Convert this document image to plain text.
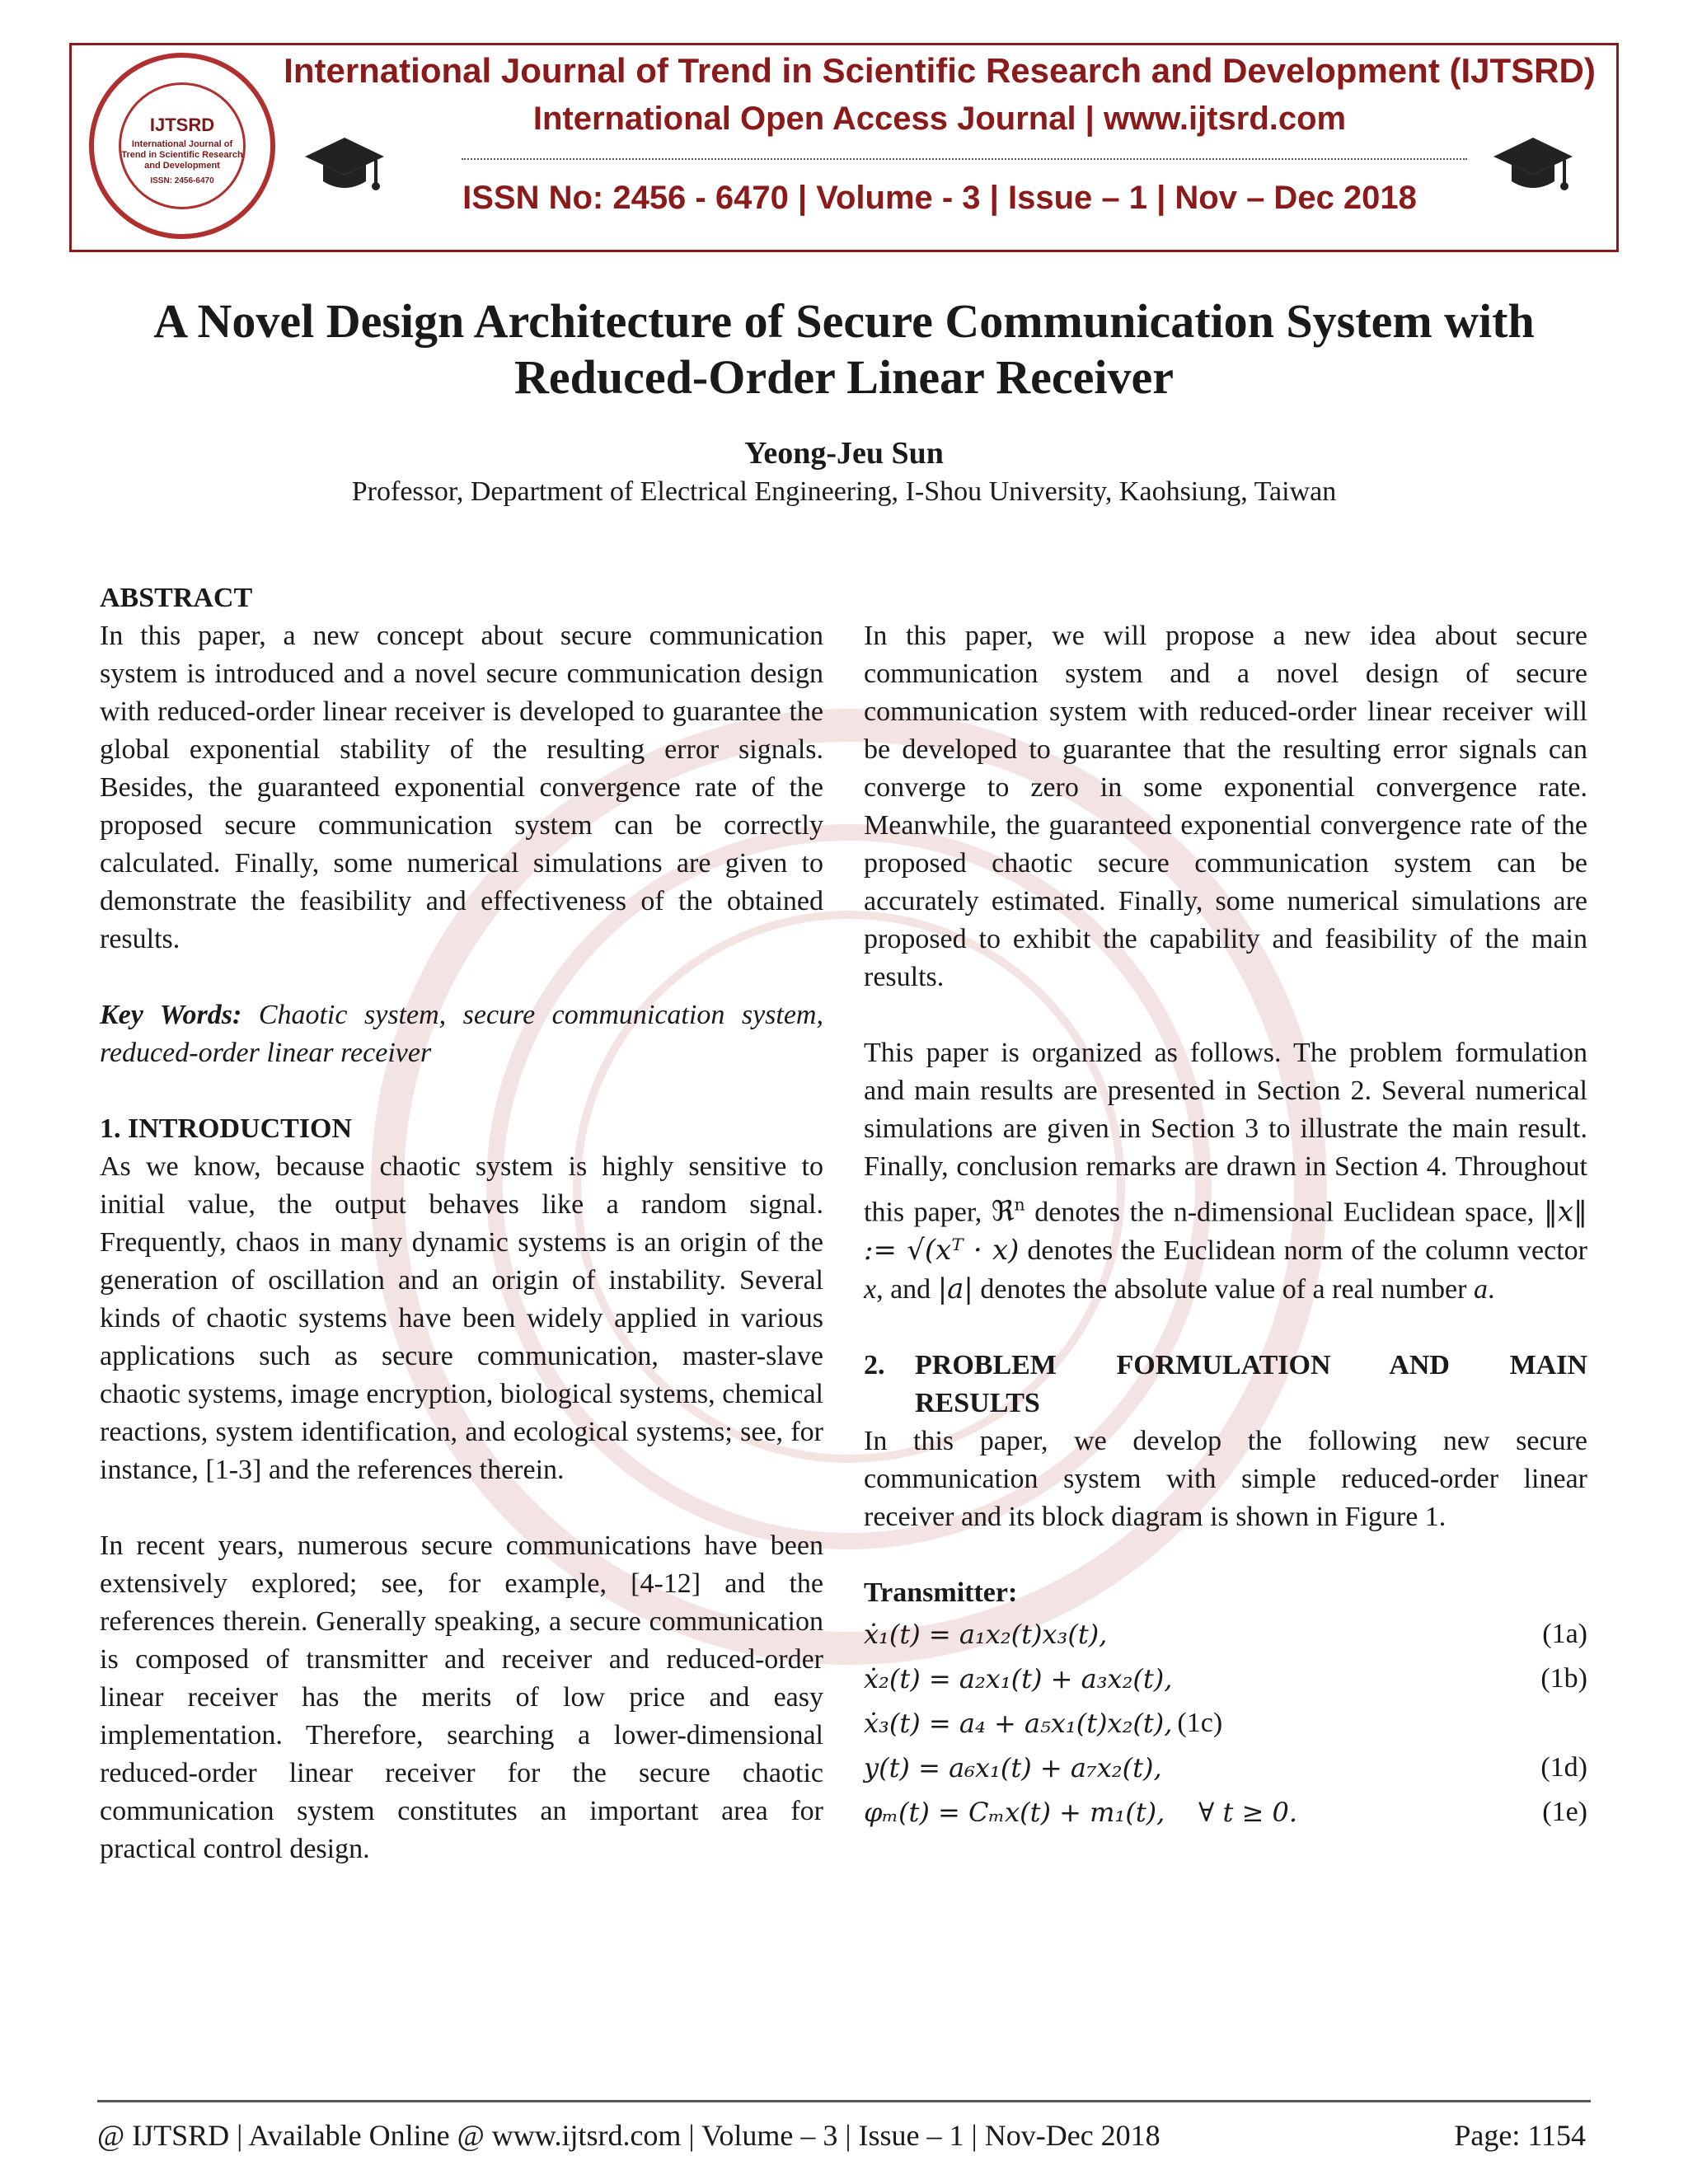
IJTSRD
International Journal of Trend in Scientific Research and Development
ISSN: 2456-6470
International Journal of Trend in Scientific Research and Development (IJTSRD)
International Open Access Journal | www.ijtsrd.com
ISSN No: 2456 - 6470 | Volume - 3 | Issue – 1 | Nov – Dec 2018
A Novel Design Architecture of Secure Communication System with
Reduced-Order Linear Receiver
Yeong-Jeu Sun
Professor, Department of Electrical Engineering, I-Shou University, Kaohsiung, Taiwan

ABSTRACT

In this paper, a new concept about secure communication system is introduced and a novel secure communication design with reduced-order linear receiver is developed to guarantee the global exponential stability of the resulting error signals. Besides, the guaranteed exponential convergence rate of the proposed secure communication system can be correctly calculated. Finally, some numerical simulations are given to demonstrate the feasibility and effectiveness of the obtained results.

Key Words: Chaotic system, secure communication system, reduced-order linear receiver

1. INTRODUCTION

As we know, because chaotic system is highly sensitive to initial value, the output behaves like a random signal. Frequently, chaos in many dynamic systems is an origin of the generation of oscillation and an origin of instability. Several kinds of chaotic systems have been widely applied in various applications such as secure communication, master-slave chaotic systems, image encryption, biological systems, chemical reactions, system identification, and ecological systems; see, for instance, [1-3] and the references therein.

In recent years, numerous secure communications have been extensively explored; see, for example, [4-12] and the references therein. Generally speaking, a secure communication is composed of transmitter and receiver and reduced-order linear receiver has the merits of low price and easy implementation. Therefore, searching a lower-dimensional reduced-order linear receiver for the secure chaotic communication system constitutes an important area for practical control design.

In this paper, we will propose a new idea about secure communication system and a novel design of secure communication system with reduced-order linear receiver will be developed to guarantee that the resulting error signals can converge to zero in some exponential convergence rate. Meanwhile, the guaranteed exponential convergence rate of the proposed chaotic secure communication system can be accurately estimated. Finally, some numerical simulations are proposed to exhibit the capability and feasibility of the main results.

This paper is organized as follows. The problem formulation and main results are presented in Section 2. Several numerical simulations are given in Section 3 to illustrate the main result. Finally, conclusion remarks are drawn in Section 4. Throughout this paper, ℜ$^n$ denotes the n-dimensional Euclidean space, ‖x‖ := √(xᵀ · x) denotes the Euclidean norm of the column vector x, and |a| denotes the absolute value of a real number a.

2.	PROBLEM FORMULATION AND MAIN

RESULTS

In this paper, we develop the following new secure communication system with simple reduced-order linear receiver and its block diagram is shown in Figure 1.

Transmitter:

ẋ₁(t) = a₁x₂(t)x₃(t),	(1a)
ẋ₂(t) = a₂x₁(t) + a₃x₂(t),	(1b)
ẋ₃(t) = a₄ + a₅x₁(t)x₂(t), (1c)
y(t) = a₆x₁(t) + a₇x₂(t),	(1d)
φₘ(t) = Cₘx(t) + m₁(t),    ∀ t ≥ 0.	(1e)
@ IJTSRD | Available Online @ www.ijtsrd.com | Volume – 3 | Issue – 1 | Nov-Dec 2018	Page: 1154
